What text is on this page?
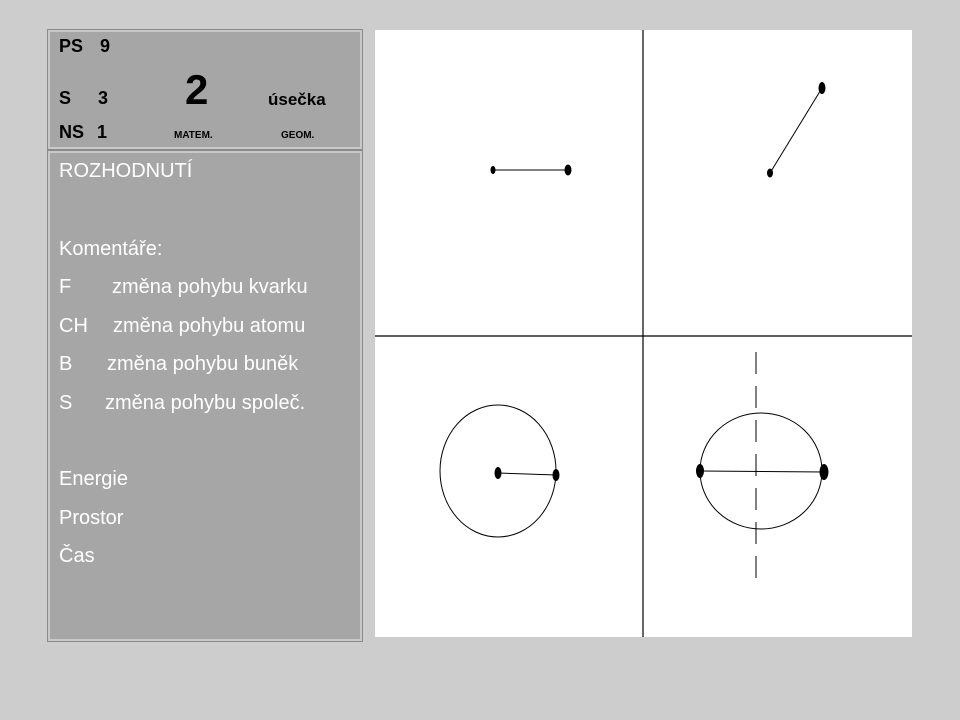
PS 9
S 3 2	úsečka
NS 1	MATEM.	GEOM.
ROZHODNUTÍ
Komentáře:
F změna pohybu kvarku
CH změna pohybu atomu
B změna pohybu buněk
S změna pohybu společ.
Energie
Prostor
Čas
